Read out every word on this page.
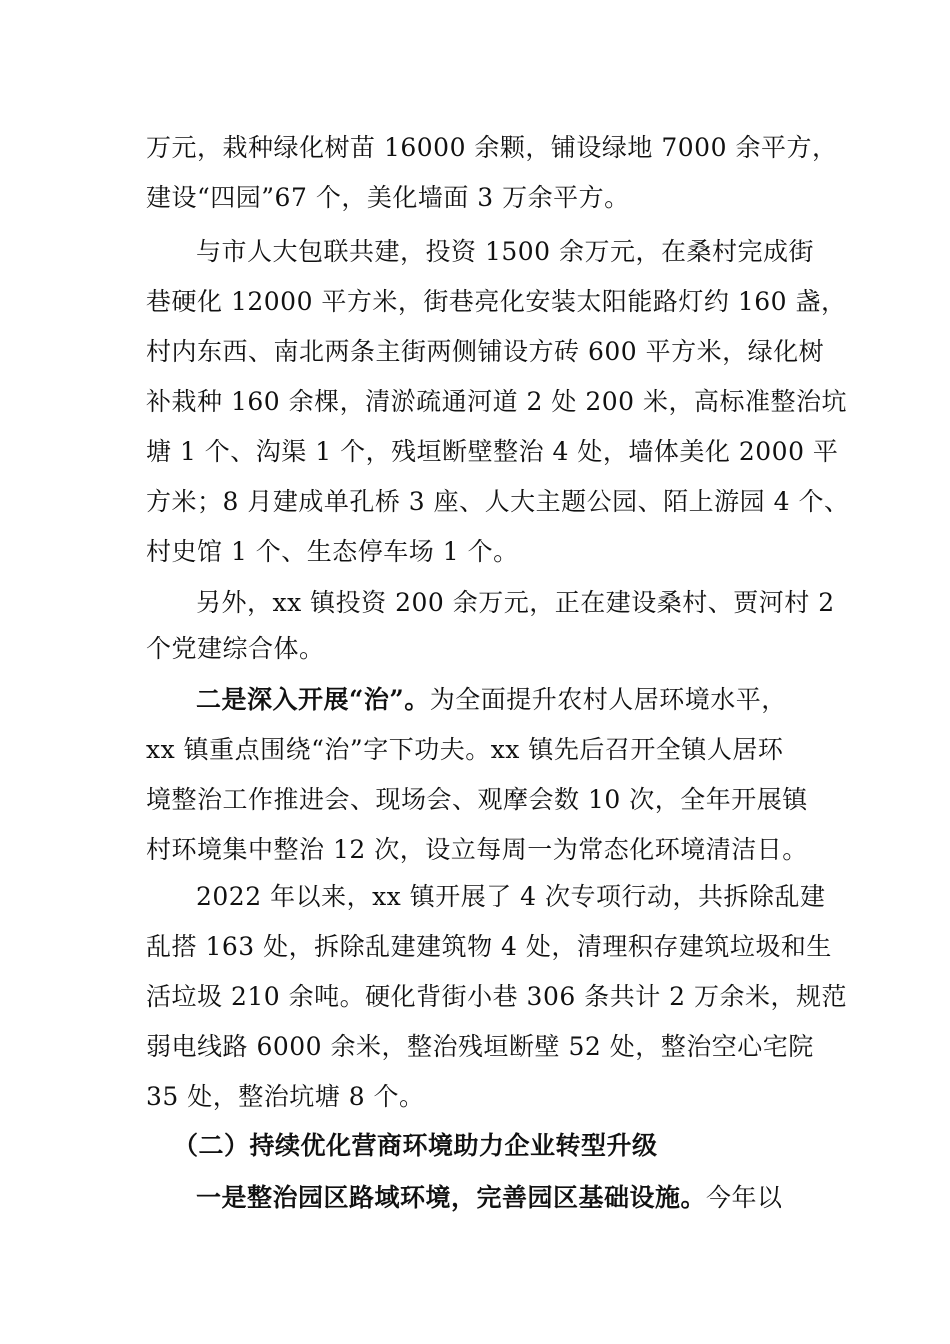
万元，栽种绿化树苗 16000 余颗，铺设绿地 7000 余平方，
建设“四园”67 个，美化墙面 3 万余平方。
与市人大包联共建，投资 1500 余万元，在桑村完成街
巷硬化 12000 平方米，街巷亮化安装太阳能路灯约 160 盏，
村内东西、南北两条主街两侧铺设方砖 600 平方米，绿化树
补栽种 160 余棵，清淤疏通河道 2 处 200 米，高标准整治坑
塘 1 个、沟渠 1 个，残垣断壁整治 4 处，墙体美化 2000 平
方米；8 月建成单孔桥 3 座、人大主题公园、陌上游园 4 个、
村史馆 1 个、生态停车场 1 个。
另外，xx 镇投资 200 余万元，正在建设桑村、贾河村 2
个党建综合体。
二是深入开展“治”。为全面提升农村人居环境水平，
xx 镇重点围绕“治”字下功夫。xx 镇先后召开全镇人居环
境整治工作推进会、现场会、观摩会数 10 次，全年开展镇
村环境集中整治 12 次，设立每周一为常态化环境清洁日。
2022 年以来，xx 镇开展了 4 次专项行动，共拆除乱建
乱搭 163 处，拆除乱建建筑物 4 处，清理积存建筑垃圾和生
活垃圾 210 余吨。硬化背街小巷 306 条共计 2 万余米，规范
弱电线路 6000 余米，整治残垣断壁 52 处，整治空心宅院
35 处，整治坑塘 8 个。
（二）持续优化营商环境助力企业转型升级
一是整治园区路域环境，完善园区基础设施。今年以
